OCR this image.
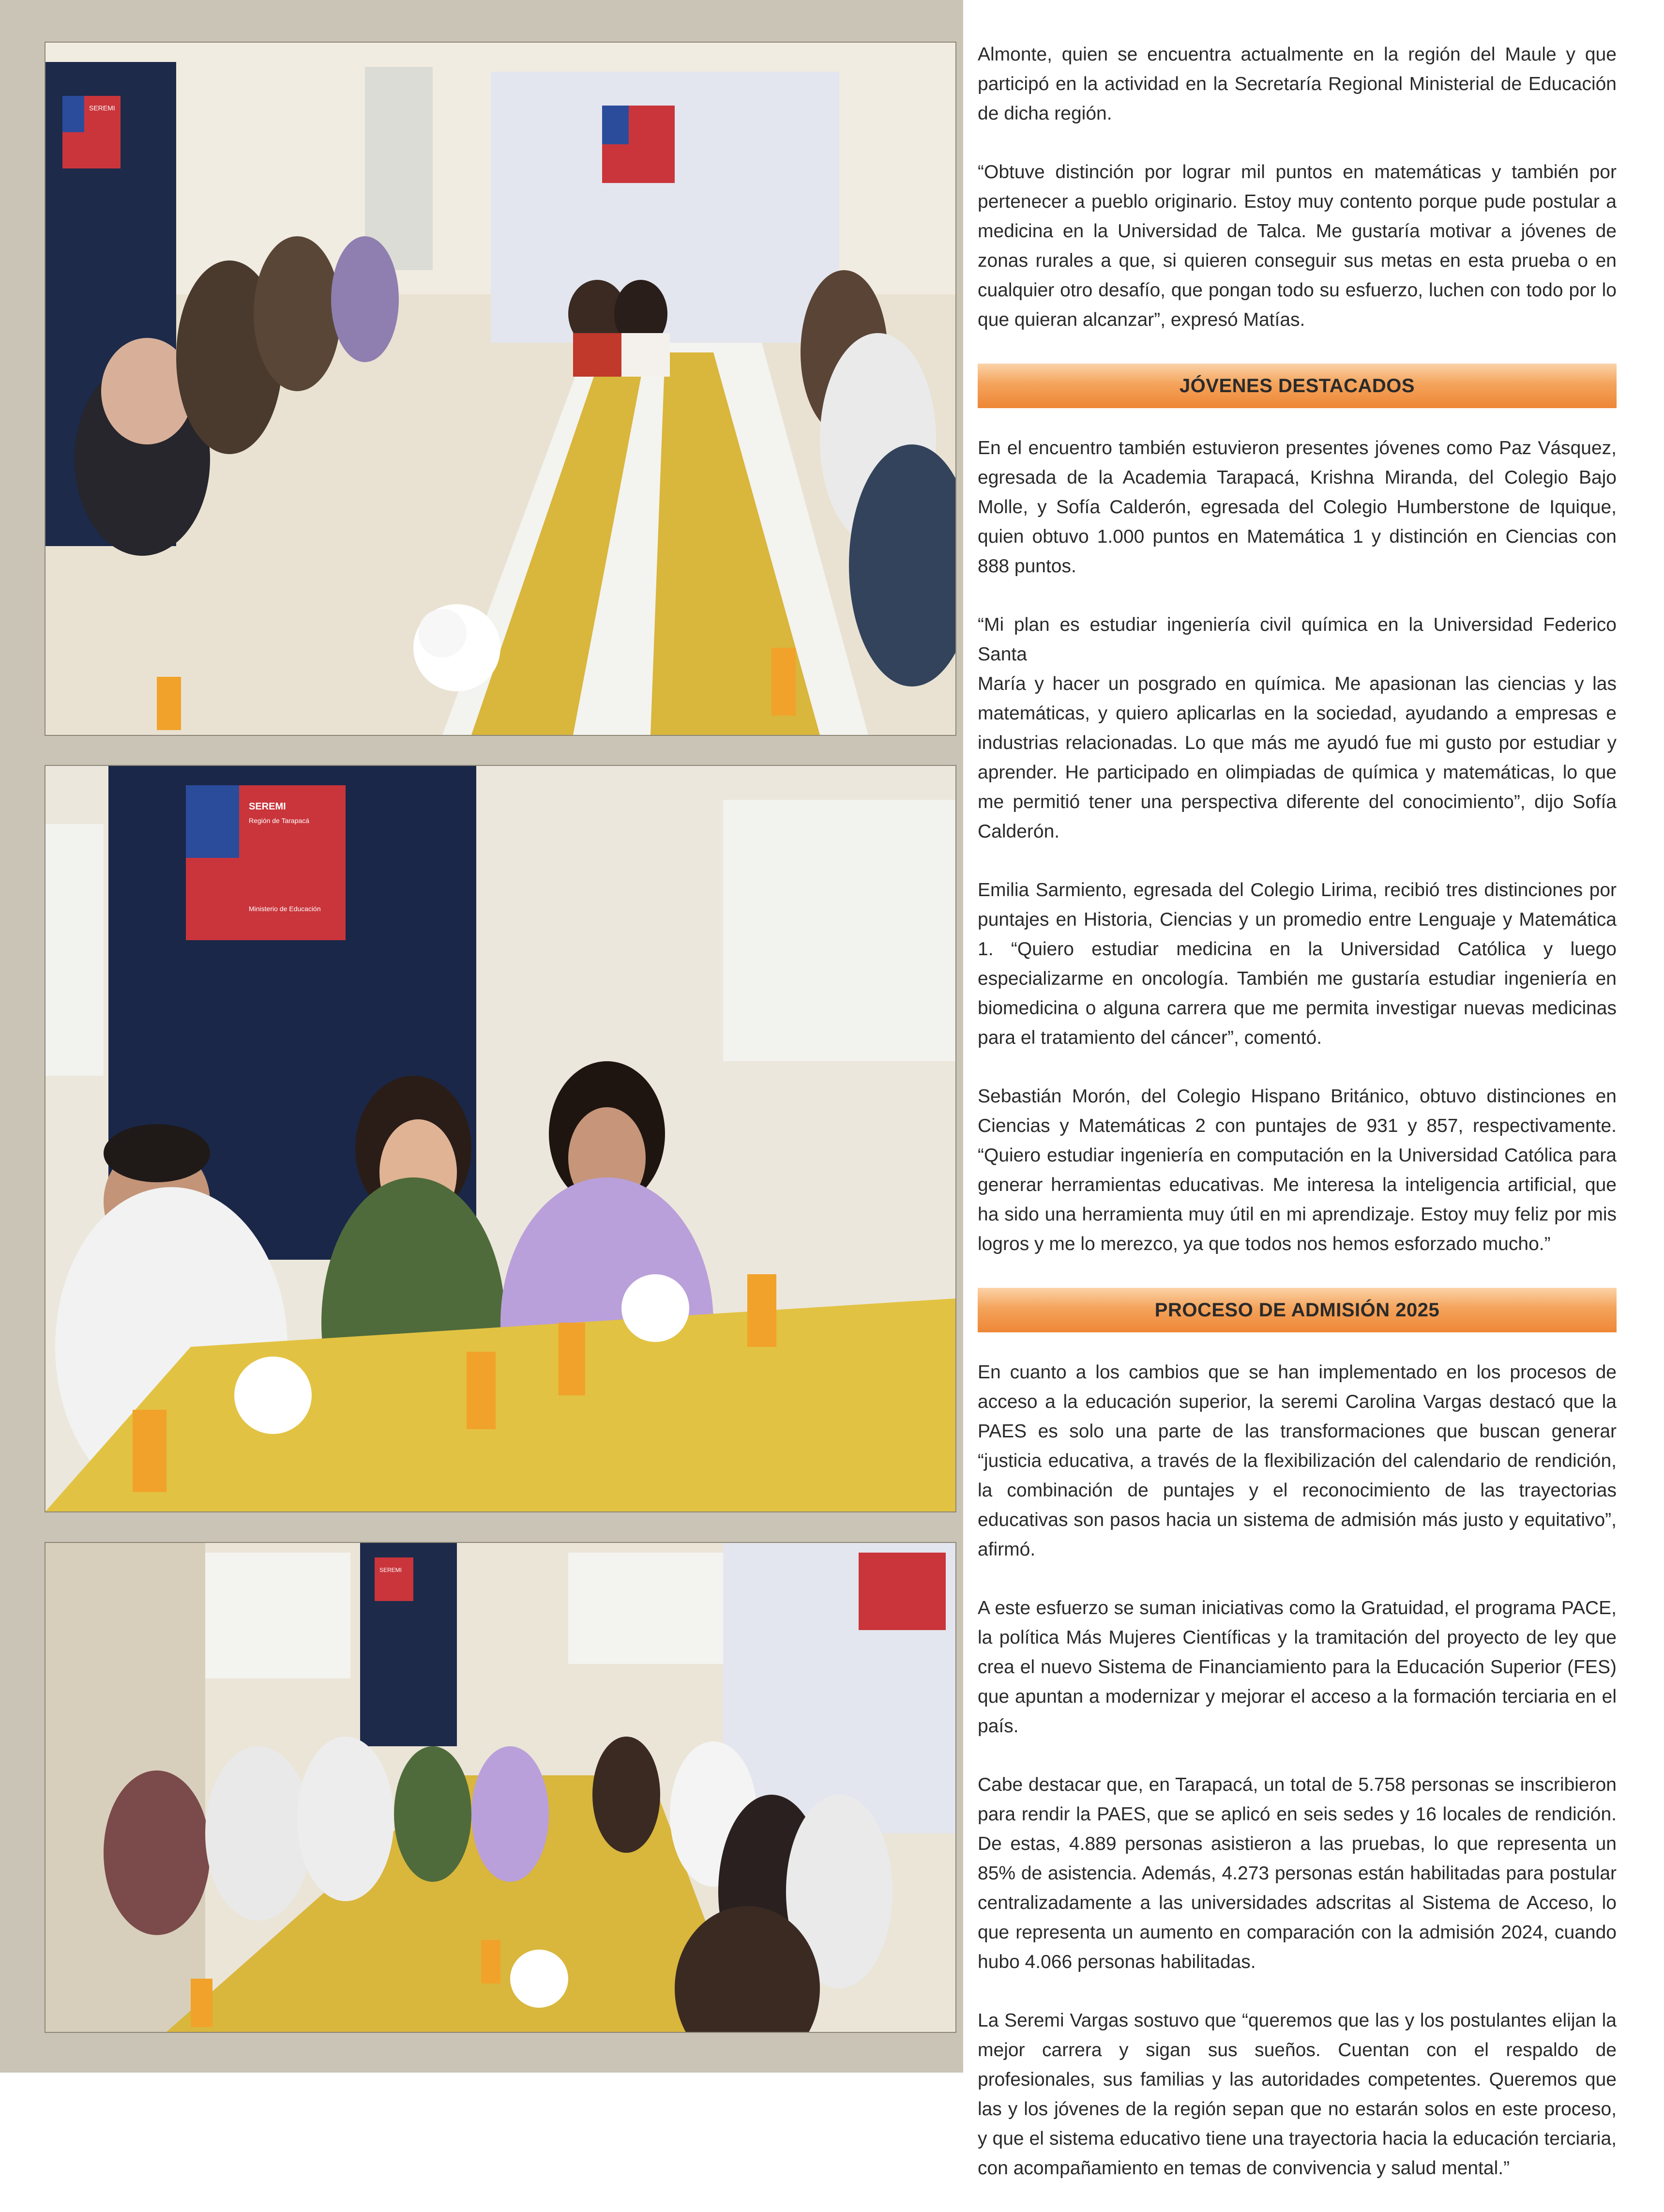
SEREMI
SEREMI
Región de Tarapacá
Ministerio de Educación
SEREMI

Almonte, quien se encuentra actualmente en la región del Maule y que participó en la actividad en la Secretaría Regional Ministerial de Educación de dicha región.

“Obtuve distinción por lograr mil puntos en matemáticas y también por pertenecer a pueblo originario. Estoy muy contento porque pude postular a medicina en la Universidad de Talca. Me gustaría motivar a jóvenes de zonas rurales a que, si quieren conseguir sus metas en esta prueba o en cualquier otro desafío, que pongan todo su esfuerzo, luchen con todo por lo que quieran alcanzar”, expresó Matías.

JÓVENES DESTACADOS

En el encuentro también estuvieron presentes jóvenes como Paz Vásquez, egresada de la Academia Tarapacá, Krishna Miranda, del Colegio Bajo Molle, y Sofía Calderón, egresada del Colegio Humberstone de Iquique, quien obtuvo 1.000 puntos en Matemática 1 y distinción en Ciencias con 888 puntos.

“Mi plan es estudiar ingeniería civil química en la Universidad Federico Santa
María y hacer un posgrado en química. Me apasionan las ciencias y las matemáticas, y quiero aplicarlas en la sociedad, ayudando a empresas e industrias relacionadas. Lo que más me ayudó fue mi gusto por estudiar y aprender. He participado en olimpiadas de química y matemáticas, lo que me permitió tener una perspectiva diferente del conocimiento”, dijo Sofía Calderón.

Emilia Sarmiento, egresada del Colegio Lirima, recibió tres distinciones por puntajes en Historia, Ciencias y un promedio entre Lenguaje y Matemática 1. “Quiero estudiar medicina en la Universidad Católica y luego especializarme en oncología. También me gustaría estudiar ingeniería en biomedicina o alguna carrera que me permita investigar nuevas medicinas para el tratamiento del cáncer”, comentó.

Sebastián Morón, del Colegio Hispano Británico, obtuvo distinciones en Ciencias y Matemáticas 2 con puntajes de 931 y 857, respectivamente. “Quiero estudiar ingeniería en computación en la Universidad Católica para generar herramientas educativas. Me interesa la inteligencia artificial, que ha sido una herramienta muy útil en mi aprendizaje. Estoy muy feliz por mis logros y me lo merezco, ya que todos nos hemos esforzado mucho.”

PROCESO DE ADMISIÓN 2025

En cuanto a los cambios que se han implementado en los procesos de acceso a la educación superior, la seremi Carolina Vargas destacó que la PAES es solo una parte de las transformaciones que buscan generar “justicia educativa, a través de la flexibilización del calendario de rendición, la combinación de puntajes y el reconocimiento de las trayectorias educativas son pasos hacia un sistema de admisión más justo y equitativo”, afirmó.

A este esfuerzo se suman iniciativas como la Gratuidad, el programa PACE, la política Más Mujeres Científicas y la tramitación del proyecto de ley que crea el nuevo Sistema de Financiamiento para la Educación Superior (FES) que apuntan a modernizar y mejorar el acceso a la formación terciaria en el país.

Cabe destacar que, en Tarapacá, un total de 5.758 personas se inscribieron para rendir la PAES, que se aplicó en seis sedes y 16 locales de rendición. De estas, 4.889 personas asistieron a las pruebas, lo que representa un 85% de asistencia. Además, 4.273 personas están habilitadas para postular centralizadamente a las universidades adscritas al Sistema de Acceso, lo que representa un aumento en comparación con la admisión 2024, cuando hubo 4.066 personas habilitadas.

La Seremi Vargas sostuvo que “queremos que las y los postulantes elijan la mejor carrera y sigan sus sueños. Cuentan con el respaldo de profesionales, sus familias y las autoridades competentes. Queremos que las y los jóvenes de la región sepan que no estarán solos en este proceso, y que el sistema educativo tiene una trayectoria hacia la educación terciaria, con acompañamiento en temas de convivencia y salud mental.”
